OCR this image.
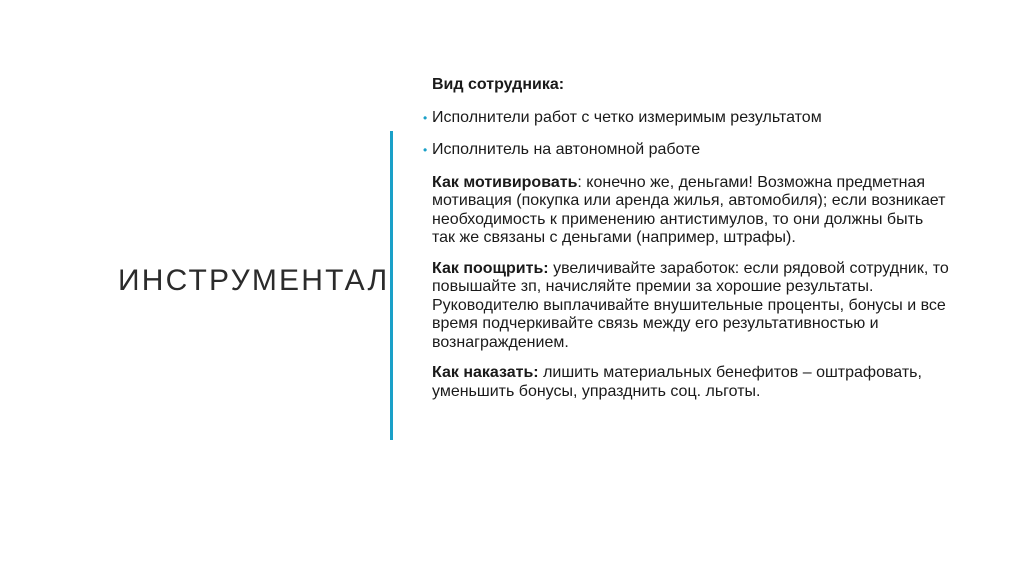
ИНСТРУМЕНТАЛ
Вид сотрудника:
• Исполнители работ с четко измеримым результатом
• Исполнитель на автономной работе
Как мотивировать: конечно же, деньгами! Возможна предметная мотивация (покупка или аренда жилья, автомобиля); если возникает необходимость к применению антистимулов, то они должны быть так же связаны с деньгами (например, штрафы).
Как поощрить: увеличивайте заработок: если рядовой сотрудник, то повышайте зп, начисляйте премии за хорошие результаты. Руководителю выплачивайте внушительные проценты, бонусы и все время подчеркивайте связь между его результативностью и вознаграждением.
Как наказать: лишить материальных бенефитов – оштрафовать, уменьшить бонусы, упразднить соц. льготы.
